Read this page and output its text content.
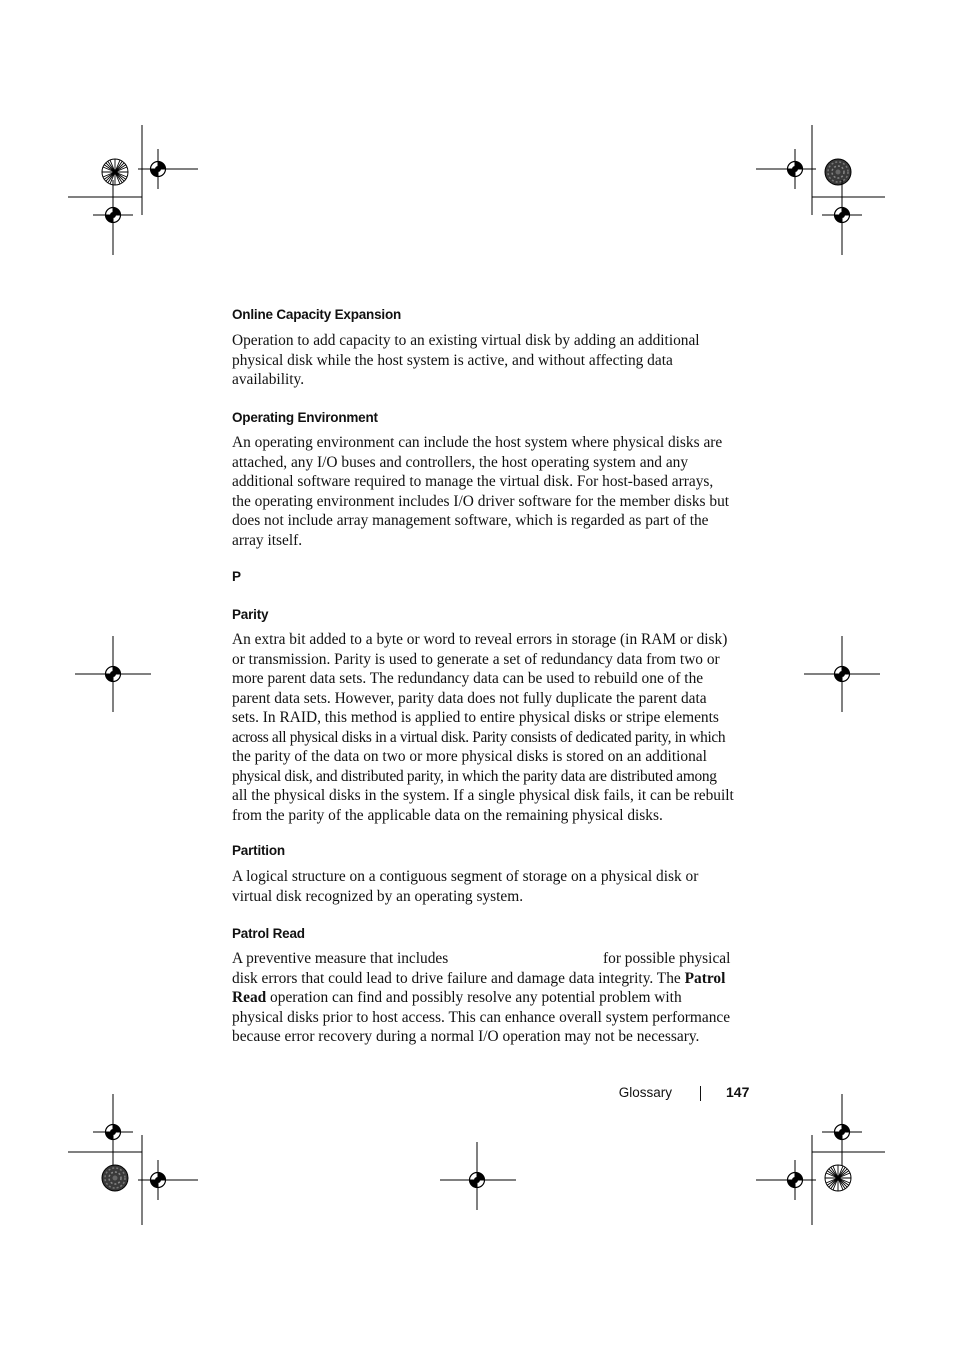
Online Capacity Expansion
Operation to add capacity to an existing virtual disk by adding an additional
physical disk while the host system is active, and without affecting data
availability.
Operating Environment
An operating environment can include the host system where physical disks are
attached, any I/O buses and controllers, the host operating system and any
additional software required to manage the virtual disk. For host-based arrays,
the operating environment includes I/O driver software for the member disks but
does not include array management software, which is regarded as part of the
array itself.
P
Parity
An extra bit added to a byte or word to reveal errors in storage (in RAM or disk)
or transmission. Parity is used to generate a set of redundancy data from two or
more parent data sets. The redundancy data can be used to rebuild one of the
parent data sets. However, parity data does not fully duplicate the parent data
sets. In RAID, this method is applied to entire physical disks or stripe elements
across all physical disks in a virtual disk. Parity consists of dedicated parity, in which
the parity of the data on two or more physical disks is stored on an additional
physical disk, and distributed parity, in which the parity data are distributed among
all the physical disks in the system. If a single physical disk fails, it can be rebuilt
from the parity of the applicable data on the remaining physical disks.
Partition
A logical structure on a contiguous segment of storage on a physical disk or
virtual disk recognized by an operating system.
Patrol Read
A preventive measure that includes	for possible physical
disk errors that could lead to drive failure and damage data integrity. The Patrol
Read operation can find and possibly resolve any potential problem with
physical disks prior to host access. This can enhance overall system performance
because error recovery during a normal I/O operation may not be necessary.
Glossary	147
